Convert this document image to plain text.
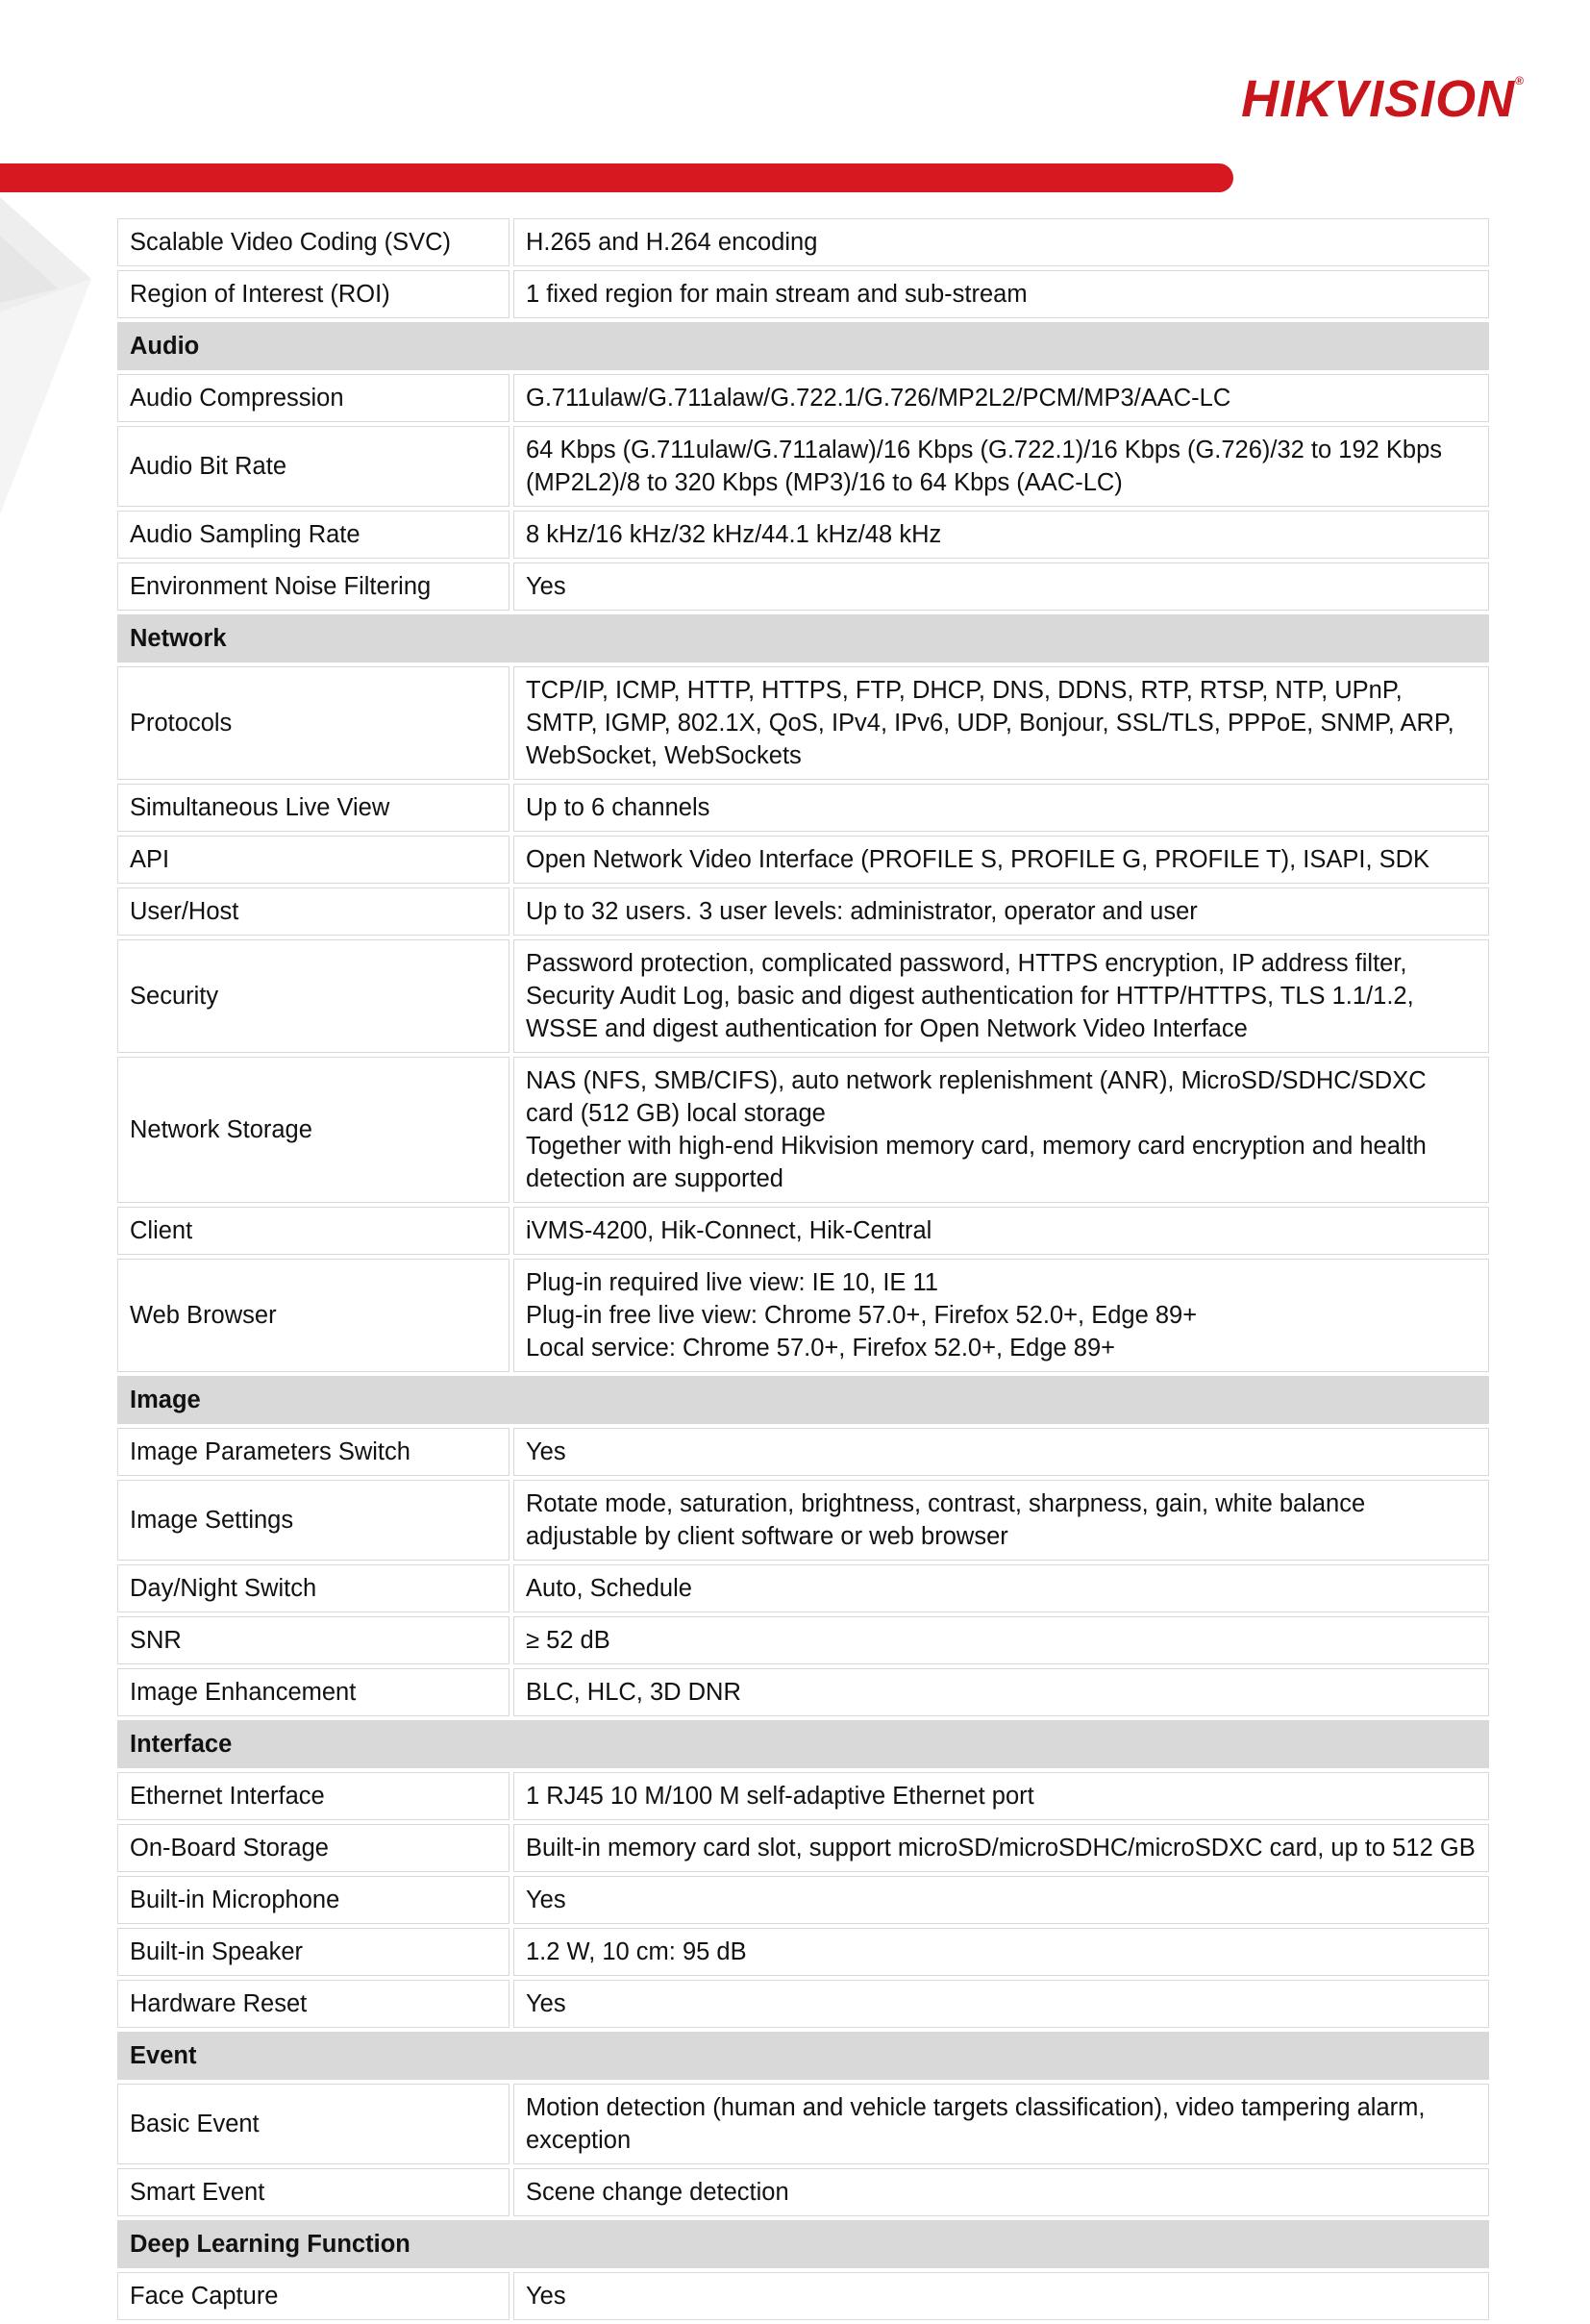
HIKVISION®
Scalable Video Coding (SVC)	H.265 and H.264 encoding

Region of Interest (ROI)	1 fixed region for main stream and sub-stream

Audio	
Audio Compression	G.711ulaw/G.711alaw/G.722.1/G.726/MP2L2/PCM/MP3/AAC-LC

Audio Bit Rate	64 Kbps (G.711ulaw/G.711alaw)/16 Kbps (G.722.1)/16 Kbps (G.726)/32 to 192 Kbps (MP2L2)/8 to 320 Kbps (MP3)/16 to 64 Kbps (AAC-LC)

Audio Sampling Rate	8 kHz/16 kHz/32 kHz/44.1 kHz/48 kHz

Environment Noise Filtering	Yes

Network	
Protocols	TCP/IP, ICMP, HTTP, HTTPS, FTP, DHCP, DNS, DDNS, RTP, RTSP, NTP, UPnP, SMTP, IGMP, 802.1X, QoS, IPv4, IPv6, UDP, Bonjour, SSL/TLS, PPPoE, SNMP, ARP, WebSocket, WebSockets

Simultaneous Live View	Up to 6 channels

API	Open Network Video Interface (PROFILE S, PROFILE G, PROFILE T), ISAPI, SDK

User/Host	Up to 32 users. 3 user levels: administrator, operator and user

Security	Password protection, complicated password, HTTPS encryption, IP address filter, Security Audit Log, basic and digest authentication for HTTP/HTTPS, TLS 1.1/1.2, WSSE and digest authentication for Open Network Video Interface

Network Storage	NAS (NFS, SMB/CIFS), auto network replenishment (ANR), MicroSD/SDHC/SDXC card (512 GB) local storage
Together with high-end Hikvision memory card, memory card encryption and health detection are supported

Client	iVMS-4200, Hik-Connect, Hik-Central

Web Browser	Plug-in required live view: IE 10, IE 11
Plug-in free live view: Chrome 57.0+, Firefox 52.0+, Edge 89+
Local service: Chrome 57.0+, Firefox 52.0+, Edge 89+

Image	
Image Parameters Switch	Yes

Image Settings	Rotate mode, saturation, brightness, contrast, sharpness, gain, white balance adjustable by client software or web browser

Day/Night Switch	Auto, Schedule

SNR	≥ 52 dB

Image Enhancement	BLC, HLC, 3D DNR

Interface	
Ethernet Interface	1 RJ45 10 M/100 M self-adaptive Ethernet port

On-Board Storage	Built-in memory card slot, support microSD/microSDHC/microSDXC card, up to 512 GB

Built-in Microphone	Yes

Built-in Speaker	1.2 W, 10 cm: 95 dB

Hardware Reset	Yes

Event	
Basic Event	Motion detection (human and vehicle targets classification), video tampering alarm, exception

Smart Event	Scene change detection

Deep Learning Function	
Face Capture	Yes
